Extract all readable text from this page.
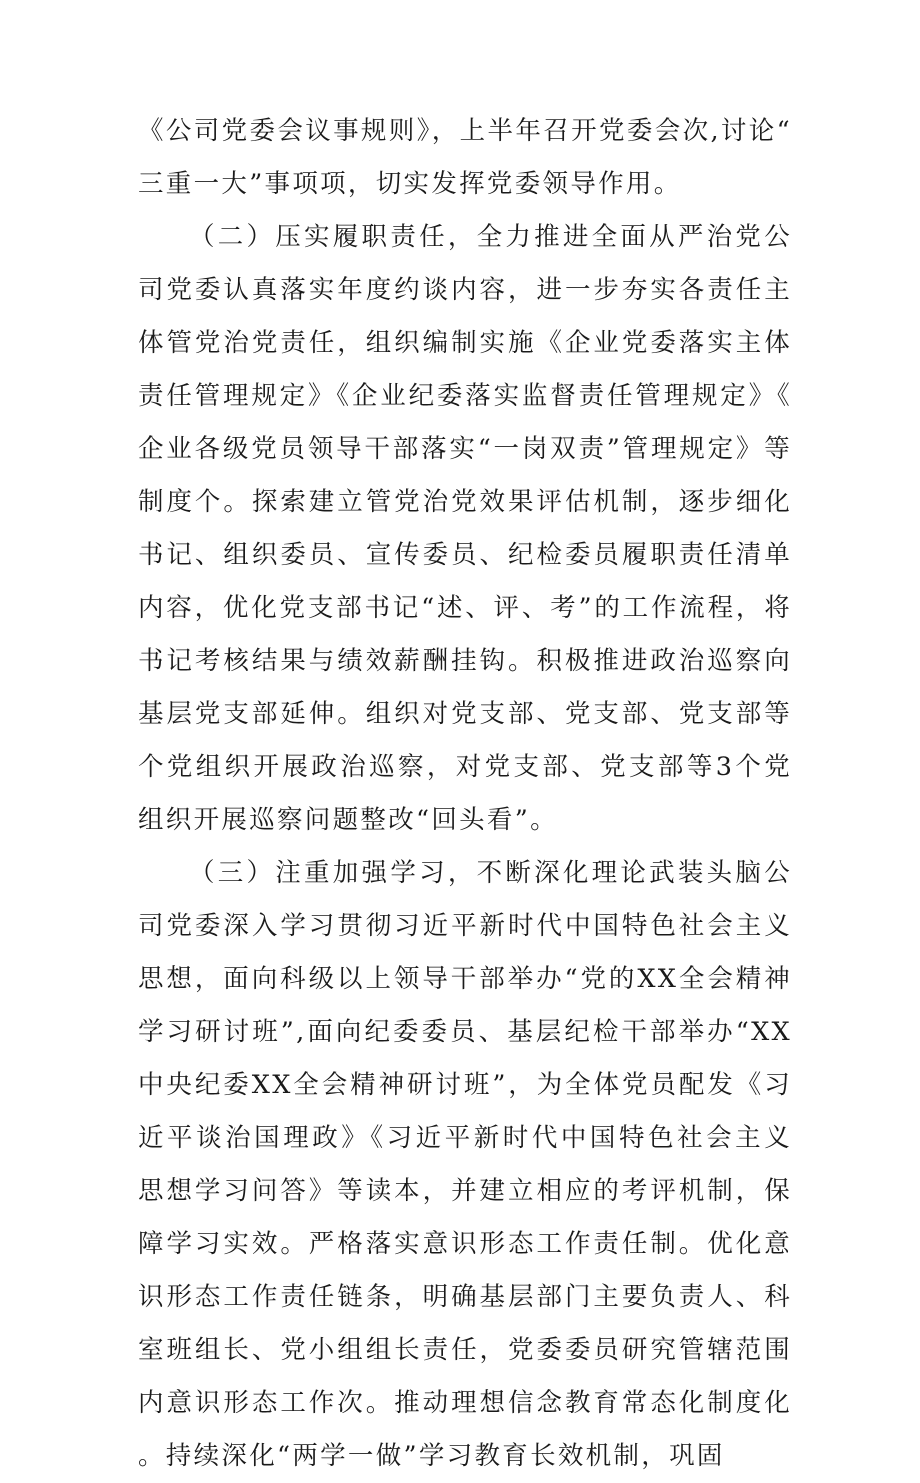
《公司党委会议事规则》，上半年召开党委会次,讨论“三重一大”事项项，切实发挥党委领导作用。

（二）压实履职责任，全力推进全面从严治党公司党委认真落实年度约谈内容，进一步夯实各责任主体管党治党责任，组织编制实施《企业党委落实主体责任管理规定》《企业纪委落实监督责任管理规定》《企业各级党员领导干部落实“一岗双责”管理规定》等制度个。探索建立管党治党效果评估机制，逐步细化书记、组织委员、宣传委员、纪检委员履职责任清单内容，优化党支部书记“述、评、考”的工作流程，将书记考核结果与绩效薪酬挂钩。积极推进政治巡察向基层党支部延伸。组织对党支部、党支部、党支部等个党组织开展政治巡察，对党支部、党支部等3个党组织开展巡察问题整改“回头看”。

（三）注重加强学习，不断深化理论武装头脑公司党委深入学习贯彻习近平新时代中国特色社会主义思想，面向科级以上领导干部举办“党的XX全会精神学习研讨班”,面向纪委委员、基层纪检干部举办“XX中央纪委XX全会精神研讨班”，为全体党员配发《习近平谈治国理政》《习近平新时代中国特色社会主义思想学习问答》等读本，并建立相应的考评机制，保障学习实效。严格落实意识形态工作责任制。优化意识形态工作责任链条，明确基层部门主要负责人、科室班组长、党小组组长责任，党委委员研究管辖范围内意识形态工作次。推动理想信念教育常态化制度化。持续深化“两学一做”学习教育长效机制，巩固
